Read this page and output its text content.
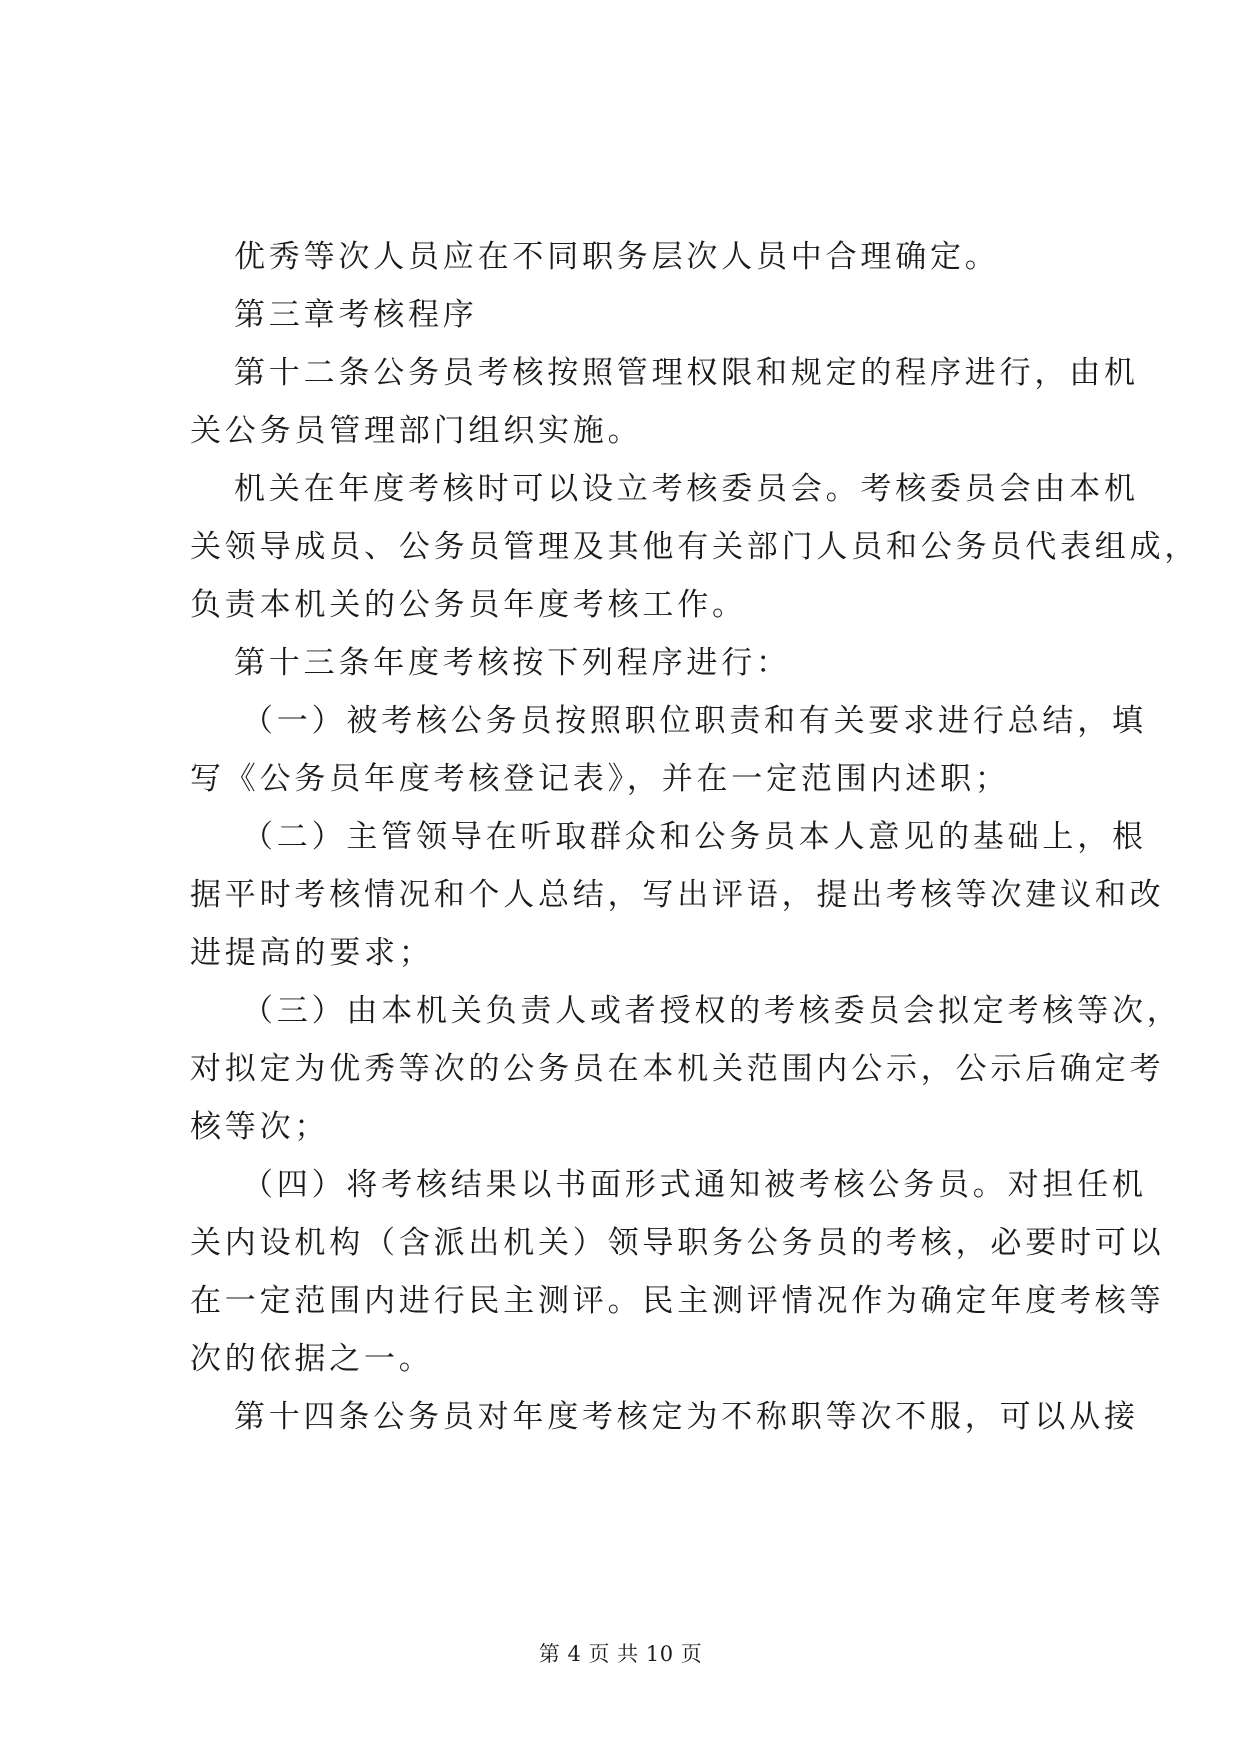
优秀等次人员应在不同职务层次人员中合理确定。
第三章考核程序
第十二条公务员考核按照管理权限和规定的程序进行，由机
关公务员管理部门组织实施。
机关在年度考核时可以设立考核委员会。考核委员会由本机
关领导成员、公务员管理及其他有关部门人员和公务员代表组成，
负责本机关的公务员年度考核工作。
第十三条年度考核按下列程序进行：
（一）被考核公务员按照职位职责和有关要求进行总结，填
写《公务员年度考核登记表》，并在一定范围内述职；
（二）主管领导在听取群众和公务员本人意见的基础上，根
据平时考核情况和个人总结，写出评语，提出考核等次建议和改
进提高的要求；
（三）由本机关负责人或者授权的考核委员会拟定考核等次，
对拟定为优秀等次的公务员在本机关范围内公示，公示后确定考
核等次；
（四）将考核结果以书面形式通知被考核公务员。对担任机
关内设机构（含派出机关）领导职务公务员的考核，必要时可以
在一定范围内进行民主测评。民主测评情况作为确定年度考核等
次的依据之一。
第十四条公务员对年度考核定为不称职等次不服，可以从接
第 4 页 共 10 页
